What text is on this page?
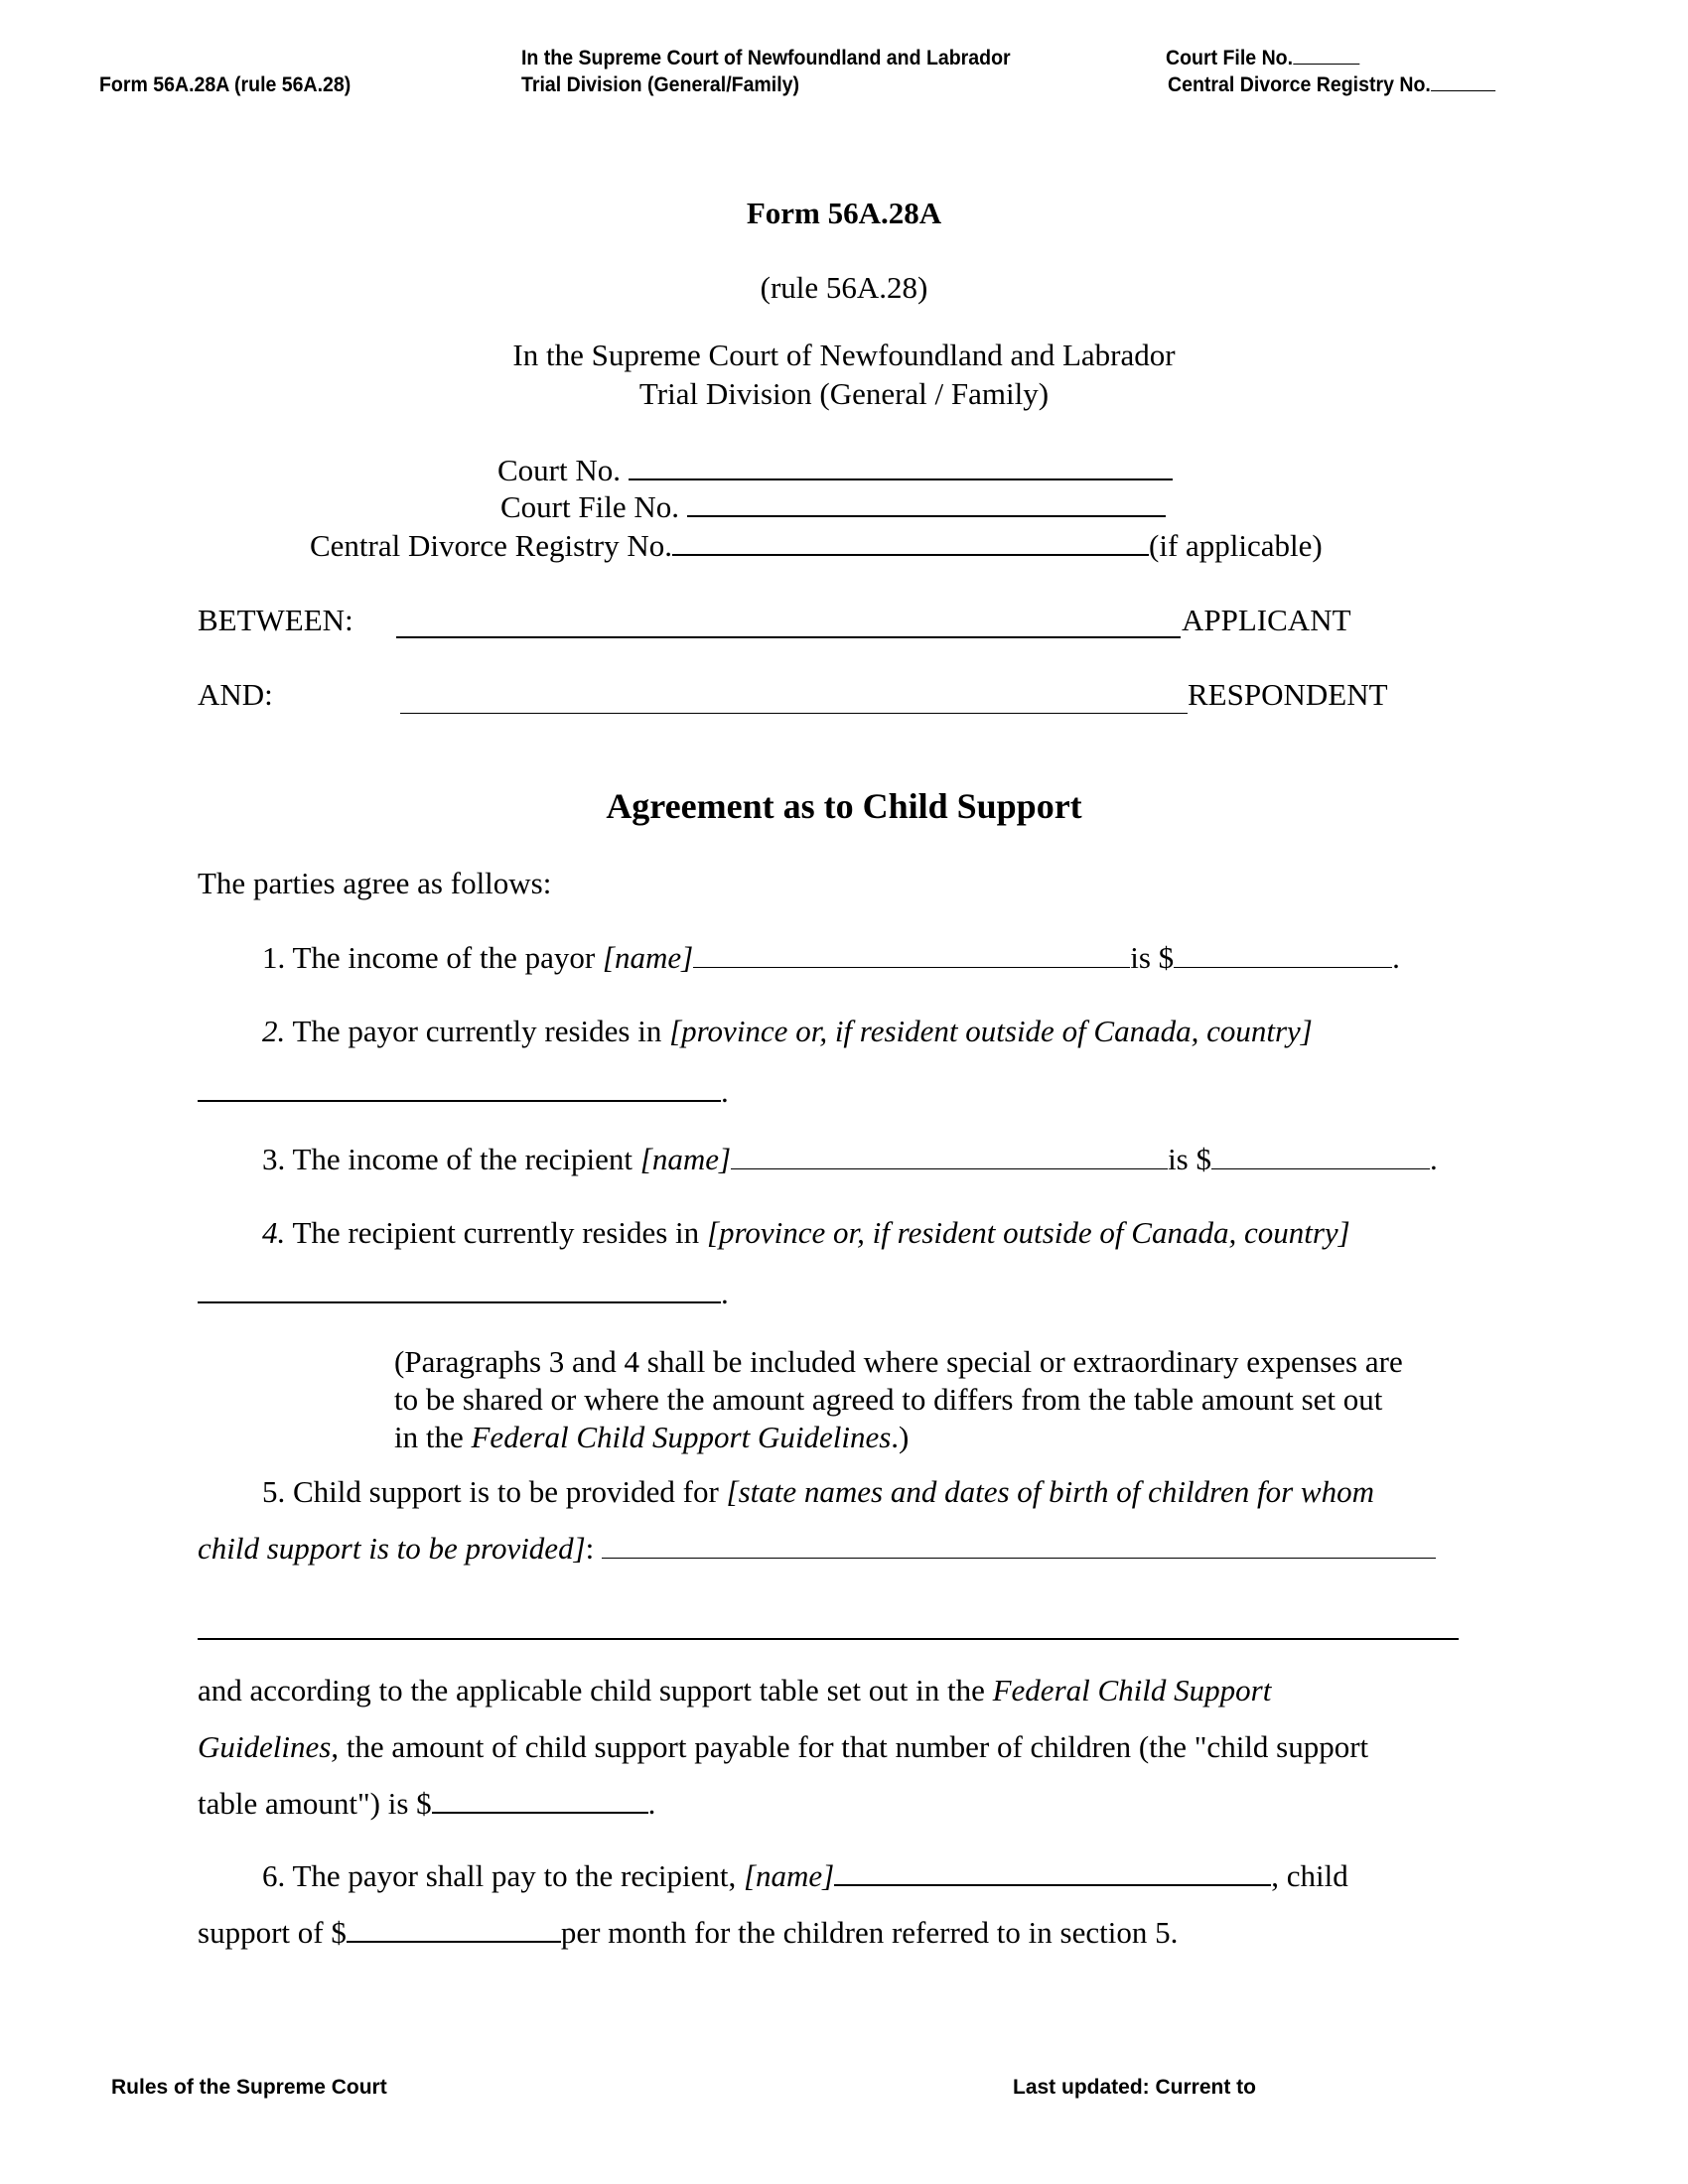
Form 56A.28A (rule 56A.28)
In the Supreme Court of Newfoundland and Labrador
Trial Division (General/Family)
Court File No.
Central Divorce Registry No.
Form 56A.28A
(rule 56A.28)
In the Supreme Court of Newfoundland and Labrador
Trial Division (General / Family)
Court No.
Court File No.
Central Divorce Registry No.	(if applicable)
BETWEEN:	APPLICANT
AND:	RESPONDENT
Agreement as to Child Support
The parties agree as follows:
1. The income of the payor [name]	is $	.
2. The payor currently resides in [province or, if resident outside of Canada, country]
.
3. The income of the recipient [name]	is $	.
4. The recipient currently resides in [province or, if resident outside of Canada, country]
.
(Paragraphs 3 and 4 shall be included where special or extraordinary expenses are
to be shared or where the amount agreed to differs from the table amount set out
in the Federal Child Support Guidelines.)
5. Child support is to be provided for [state names and dates of birth of children for whom
child support is to be provided]:
and according to the applicable child support table set out in the Federal Child Support
Guidelines, the amount of child support payable for that number of children (the "child support
table amount") is $	.
6. The payor shall pay to the recipient, [name]	, child
support of $	per month for the children referred to in section 5.
Rules of the Supreme Court	Last updated: Current to
